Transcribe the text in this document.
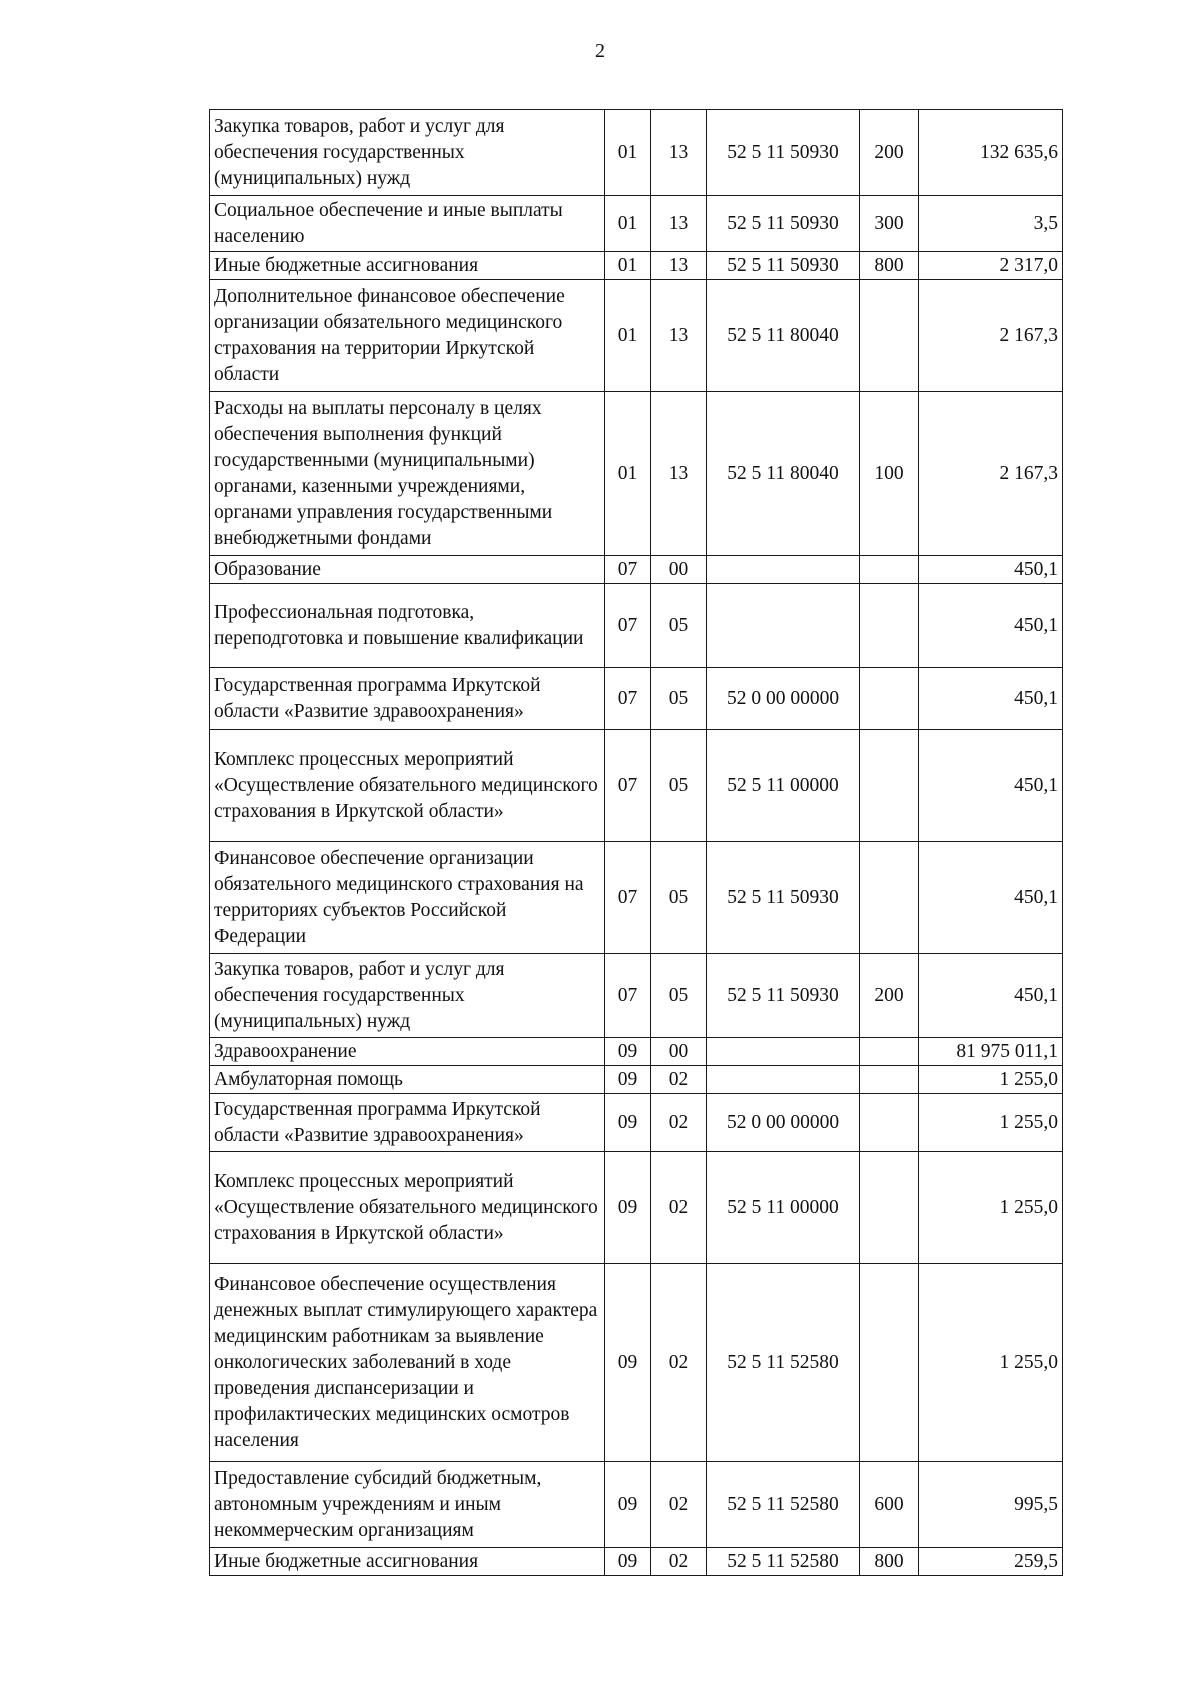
2
Закупка товаров, работ и услуг для обеспечения государственных (муниципальных) нужд	01	13	52 5 11 50930	200	132 635,6
Социальное обеспечение и иные выплаты населению	01	13	52 5 11 50930	300	3,5
Иные бюджетные ассигнования	01	13	52 5 11 50930	800	2 317,0
Дополнительное финансовое обеспечение организации обязательного медицинского страхования на территории Иркутской области	01	13	52 5 11 80040		2 167,3
Расходы на выплаты персоналу в целях обеспечения выполнения функций государственными (муниципальными) органами, казенными учреждениями, органами управления государственными внебюджетными фондами	01	13	52 5 11 80040	100	2 167,3
Образование	07	00			450,1
Профессиональная подготовка, переподготовка и повышение квалификации	07	05			450,1
Государственная программа Иркутской области «Развитие здравоохранения»	07	05	52 0 00 00000		450,1
Комплекс процессных мероприятий «Осуществление обязательного медицинского страхования в Иркутской области»	07	05	52 5 11 00000		450,1
Финансовое обеспечение организации обязательного медицинского страхования на территориях субъектов Российской Федерации	07	05	52 5 11 50930		450,1
Закупка товаров, работ и услуг для обеспечения государственных (муниципальных) нужд	07	05	52 5 11 50930	200	450,1
Здравоохранение	09	00			81 975 011,1
Амбулаторная помощь	09	02			1 255,0
Государственная программа Иркутской области «Развитие здравоохранения»	09	02	52 0 00 00000		1 255,0
Комплекс процессных мероприятий «Осуществление обязательного медицинского страхования в Иркутской области»	09	02	52 5 11 00000		1 255,0
Финансовое обеспечение осуществления денежных выплат стимулирующего характера медицинским работникам за выявление онкологических заболеваний в ходе проведения диспансеризации и профилактических медицинских осмотров населения	09	02	52 5 11 52580		1 255,0
Предоставление субсидий бюджетным, автономным учреждениям и иным некоммерческим организациям	09	02	52 5 11 52580	600	995,5
Иные бюджетные ассигнования	09	02	52 5 11 52580	800	259,5
